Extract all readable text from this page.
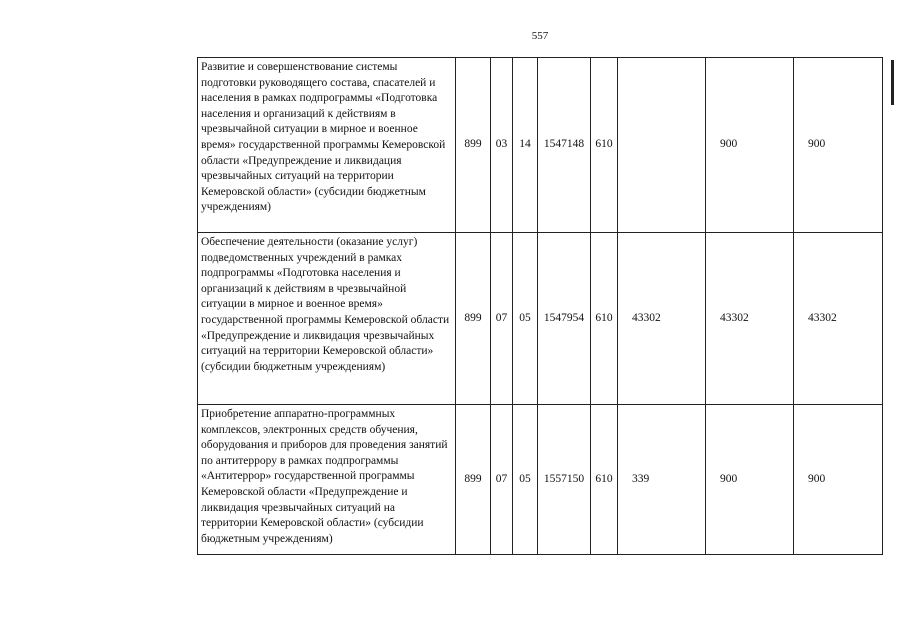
557
Развитие и совершенствование системы подготовки руководящего состава, спасателей и населения в рамках подпрограммы «Подготовка населения и организаций к действиям в чрезвычайной ситуации в мирное и военное время» государственной программы Кемеровской области «Предупреждение и ликвидация чрезвычайных ситуаций на территории Кемеровской области» (субсидии бюджетным учреждениям)	899	03	14	1547148	610		900	900
Обеспечение деятельности (оказание услуг) подведомственных учреждений в рамках подпрограммы «Подготовка населения и организаций к действиям в чрезвычайной ситуации в мирное и военное время» государственной программы Кемеровской области «Предупреждение и ликвидация чрезвычайных ситуаций на территории Кемеровской области» (субсидии бюджетным учреждениям)	899	07	05	1547954	610	43302	43302	43302
Приобретение аппаратно-программных комплексов, электронных средств обучения, оборудования и приборов для проведения занятий по антитеррору в рамках подпрограммы «Антитеррор» государственной программы Кемеровской области «Предупреждение и ликвидация чрезвычайных ситуаций на территории Кемеровской области» (субсидии бюджетным учреждениям)	899	07	05	1557150	610	339	900	900
